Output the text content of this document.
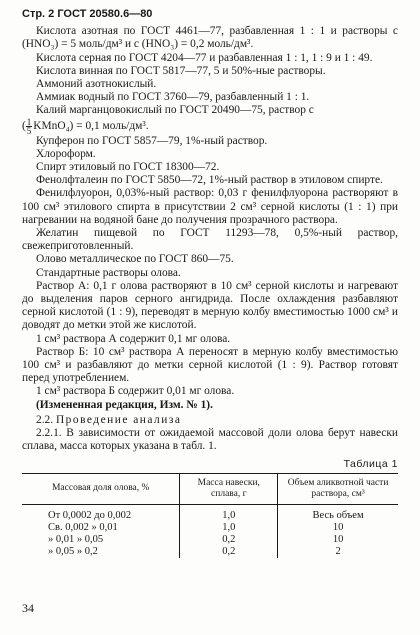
Стр. 2 ГОСТ 20580.6—80

Кислота азотная по ГОСТ 4461—77, разбавленная 1 : 1 и растворы с (HNO₃) = 5 моль/дм³ и с (HNO₃) = 0,2 моль/дм³.

Кислота серная по ГОСТ 4204—77 и разбавленная 1 : 1, 1 : 9 и 1 : 49.

Кислота винная по ГОСТ 5817—77, 5 и 50%-ные растворы.

Аммоний азотнокислый.

Аммиак водный по ГОСТ 3760—79, разбавленный 1 : 1.

Калий марганцовокислый по ГОСТ 20490—75, раствор с

( $\frac{1}{5}$ KMnO₄) = 0,1 моль/дм³.

Купферон по ГОСТ 5857—79, 1%-ный раствор.

Хлороформ.

Спирт этиловый по ГОСТ 18300—72.

Фенолфталеин по ГОСТ 5850—72, 1%-ный раствор в этиловом спирте.

Фенилфлуорон, 0,03%-ный раствор: 0,03 г фенилфлуорона растворяют в 100 см³ этилового спирта в присутствии 2 см³ серной кислоты (1 : 1) при нагревании на водяной бане до получения прозрачного раствора.

Желатин пищевой по ГОСТ 11293—78, 0,5%-ный раствор, свежеприготовленный.

Олово металлическое по ГОСТ 860—75.

Стандартные растворы олова.

Раствор А: 0,1 г олова растворяют в 10 см³ серной кислоты и нагревают до выделения паров серного ангидрида. После охлаждения разбавляют серной кислотой (1 : 9), переводят в мерную колбу вместимостью 1000 см³ и доводят до метки этой же кислотой.

1 см³ раствора А содержит 0,1 мг олова.

Раствор Б: 10 см³ раствора А переносят в мерную колбу вместимостью 100 см³ и разбавляют до метки серной кислотой (1 : 9). Раствор готовят перед употреблением.

1 см³ раствора Б содержит 0,01 мг олова.

(Измененная редакция, Изм. № 1).

2.2. Проведение анализа

2.2.1. В зависимости от ожидаемой массовой доли олова берут навески сплава, масса которых указана в табл. 1.

Таблица 1
Массовая доля олова, %	Масса навески, сплава, г	Объем аликвотной части раствора, см³

От 0,0002 до 0,002	1,0	Весь объем
Св. 0,002 » 0,01	1,0	10
» 0,01 » 0,05	0,2	10
» 0,05 » 0,2	0,2	2
34
